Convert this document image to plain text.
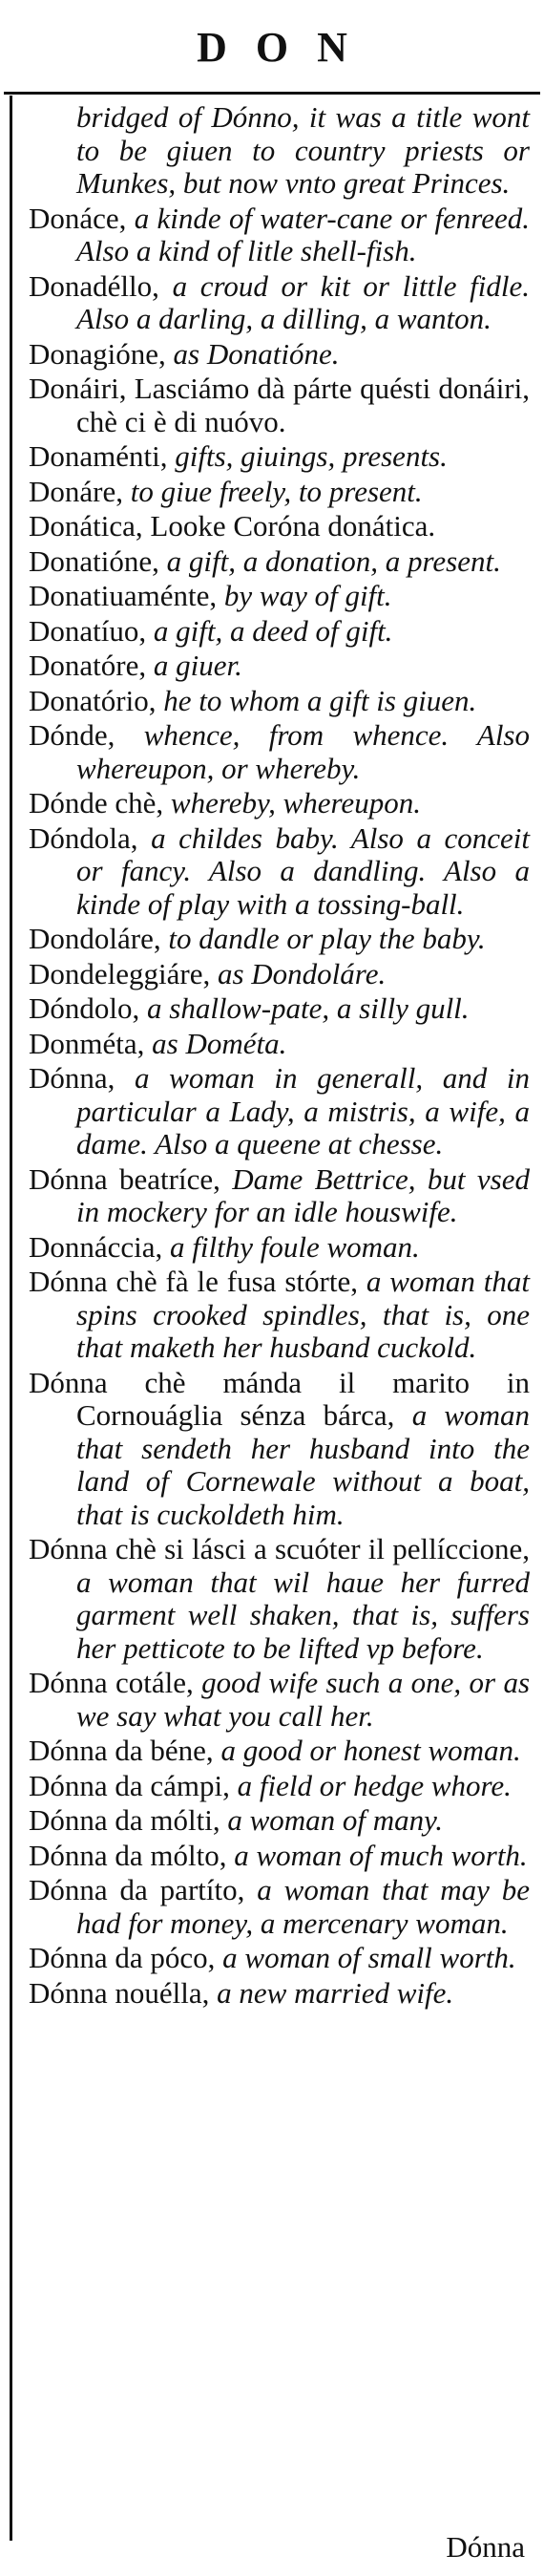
DON

bridged of Dónno, it was a title wont to be giuen to country priests or Munkes, but now vnto great Princes.

Donáce, a kinde of water-cane or fenreed. Also a kind of litle shell-fish.

Donadéllo, a croud or kit or little fidle. Also a darling, a dilling, a wanton.

Donagióne, as Donatióne.

Donáiri, Lasciámo dà párte quésti donáiri, chè ci è di nuóvo.

Donaménti, gifts, giuings, presents.

Donáre, to giue freely, to present.

Donática, Looke Coróna donática.

Donatióne, a gift, a donation, a present.

Donatiuaménte, by way of gift.

Donatíuo, a gift, a deed of gift.

Donatóre, a giuer.

Donatório, he to whom a gift is giuen.

Dónde, whence, from whence. Also whereupon, or whereby.

Dónde chè, whereby, whereupon.

Dóndola, a childes baby. Also a conceit or fancy. Also a dandling. Also a kinde of play with a tossing-ball.

Dondoláre, to dandle or play the baby.

Dondeleggiáre, as Dondoláre.

Dóndolo, a shallow-pate, a silly gull.

Donméta, as Dométa.

Dónna, a woman in generall, and in particular a Lady, a mistris, a wife, a dame. Also a queene at chesse.

Dónna beatríce, Dame Bettrice, but vsed in mockery for an idle houswife.

Donnáccia, a filthy foule woman.

Dónna chè fà le fusa stórte, a woman that spins crooked spindles, that is, one that maketh her husband cuckold.

Dónna chè mánda il marito in Cornouáglia sénza bárca, a woman that sendeth her husband into the land of Cornewale without a boat, that is cuckoldeth him.

Dónna chè si lásci a scuóter il pellíccione, a woman that wil haue her furred garment well shaken, that is, suffers her petticote to be lifted vp before.

Dónna cotále, good wife such a one, or as we say what you call her.

Dónna da béne, a good or honest woman.

Dónna da cámpi, a field or hedge whore.

Dónna da mólti, a woman of many.

Dónna da mólto, a woman of much worth.

Dónna da partíto, a woman that may be had for money, a mercenary woman.

Dónna da póco, a woman of small worth.

Dónna nouélla, a new married wife.

Dónna
